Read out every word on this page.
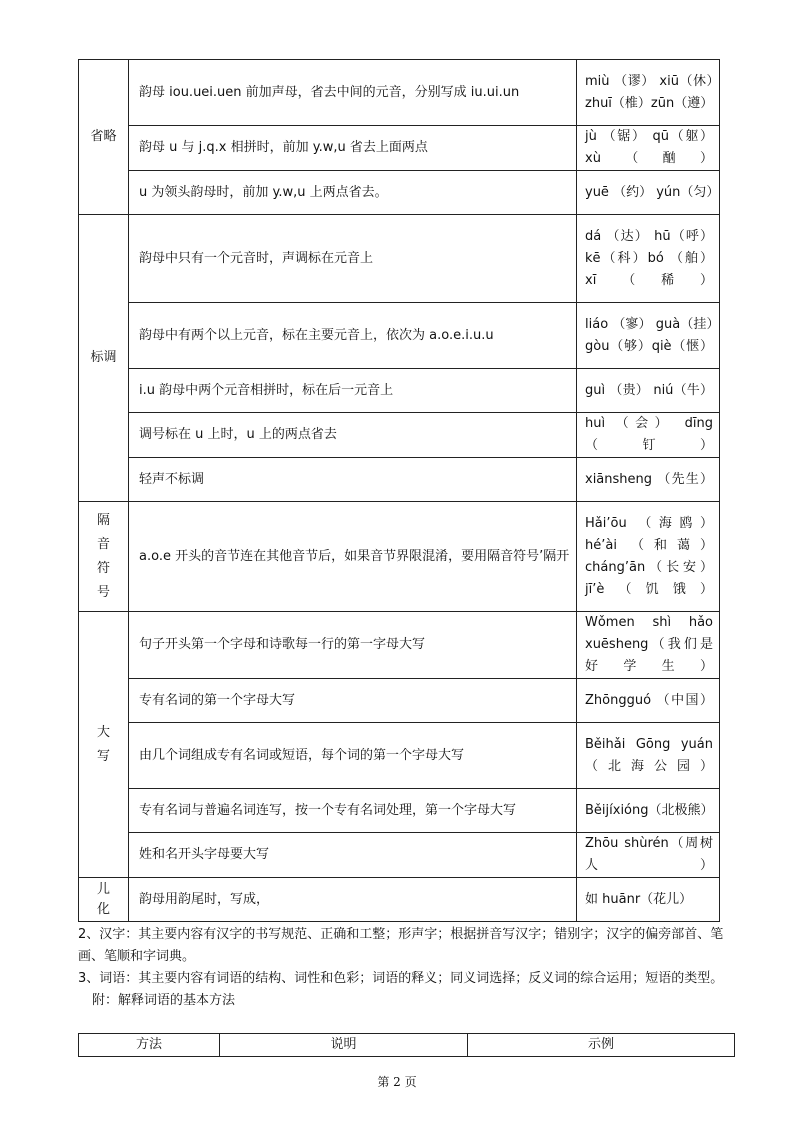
省略	韵母 iou.uei.uen 前加声母，省去中间的元音，分别写成 iu.ui.un	miù （谬） xiū（休）zhuī（椎）zūn（遵）
	韵母 u 与 j.q.x 相拼时，前加 y.w,u 省去上面两点	jù （锯） qū（躯）xù（酗）
	u 为领头韵母时，前加 y.w,u 上两点省去。	yuē （约） yún（匀）

标调	韵母中只有一个元音时，声调标在元音上	dá （达） hū（呼）kē（科）bó （舶） xī（稀）
	韵母中有两个以上元音，标在主要元音上，依次为 a.o.e.i.u.u	liáo （寥） guà（挂）gòu（够）qiè（惬）
	i.u 韵母中两个元音相拼时，标在后一元音上	guì （贵） niú（牛）
	调号标在 u 上时，u 上的两点省去	huì （会） dīng（钉）
	轻声不标调	xiānsheng （先生）

隔音符号	a.o.e 开头的音节连在其他音节后，如果音节界限混淆，要用隔音符号’隔开	Hǎi’ōu （海鸥） hé’ài （和蔼） cháng’ān（长安）jī’è（饥饿）

大写	句子开头第一个字母和诗歌每一行的第一字母大写	Wǒmen shì hǎo xuēsheng（我们是好学生）
	专有名词的第一个字母大写	Zhōngguó （中国）
	由几个词组成专有名词或短语，每个词的第一个字母大写	Běihǎi Gōng yuán （北海公园）
	专有名词与普遍名词连写，按一个专有名词处理，第一个字母大写	Běijíxióng（北极熊）
	姓和名开头字母要大写	Zhōu shùrén（周树人）

儿化	韵母用韵尾时，写成，	如 huānr（花儿）

2、汉字：其主要内容有汉字的书写规范、正确和工整；形声字；根据拼音写汉字；错别字；汉字的偏旁部首、笔画、笔顺和字词典。

3、词语：其主要内容有词语的结构、词性和色彩；词语的释义；同义词选择；反义词的综合运用；短语的类型。

附：解释词语的基本方法

方法	说明	示例
第 2 页
